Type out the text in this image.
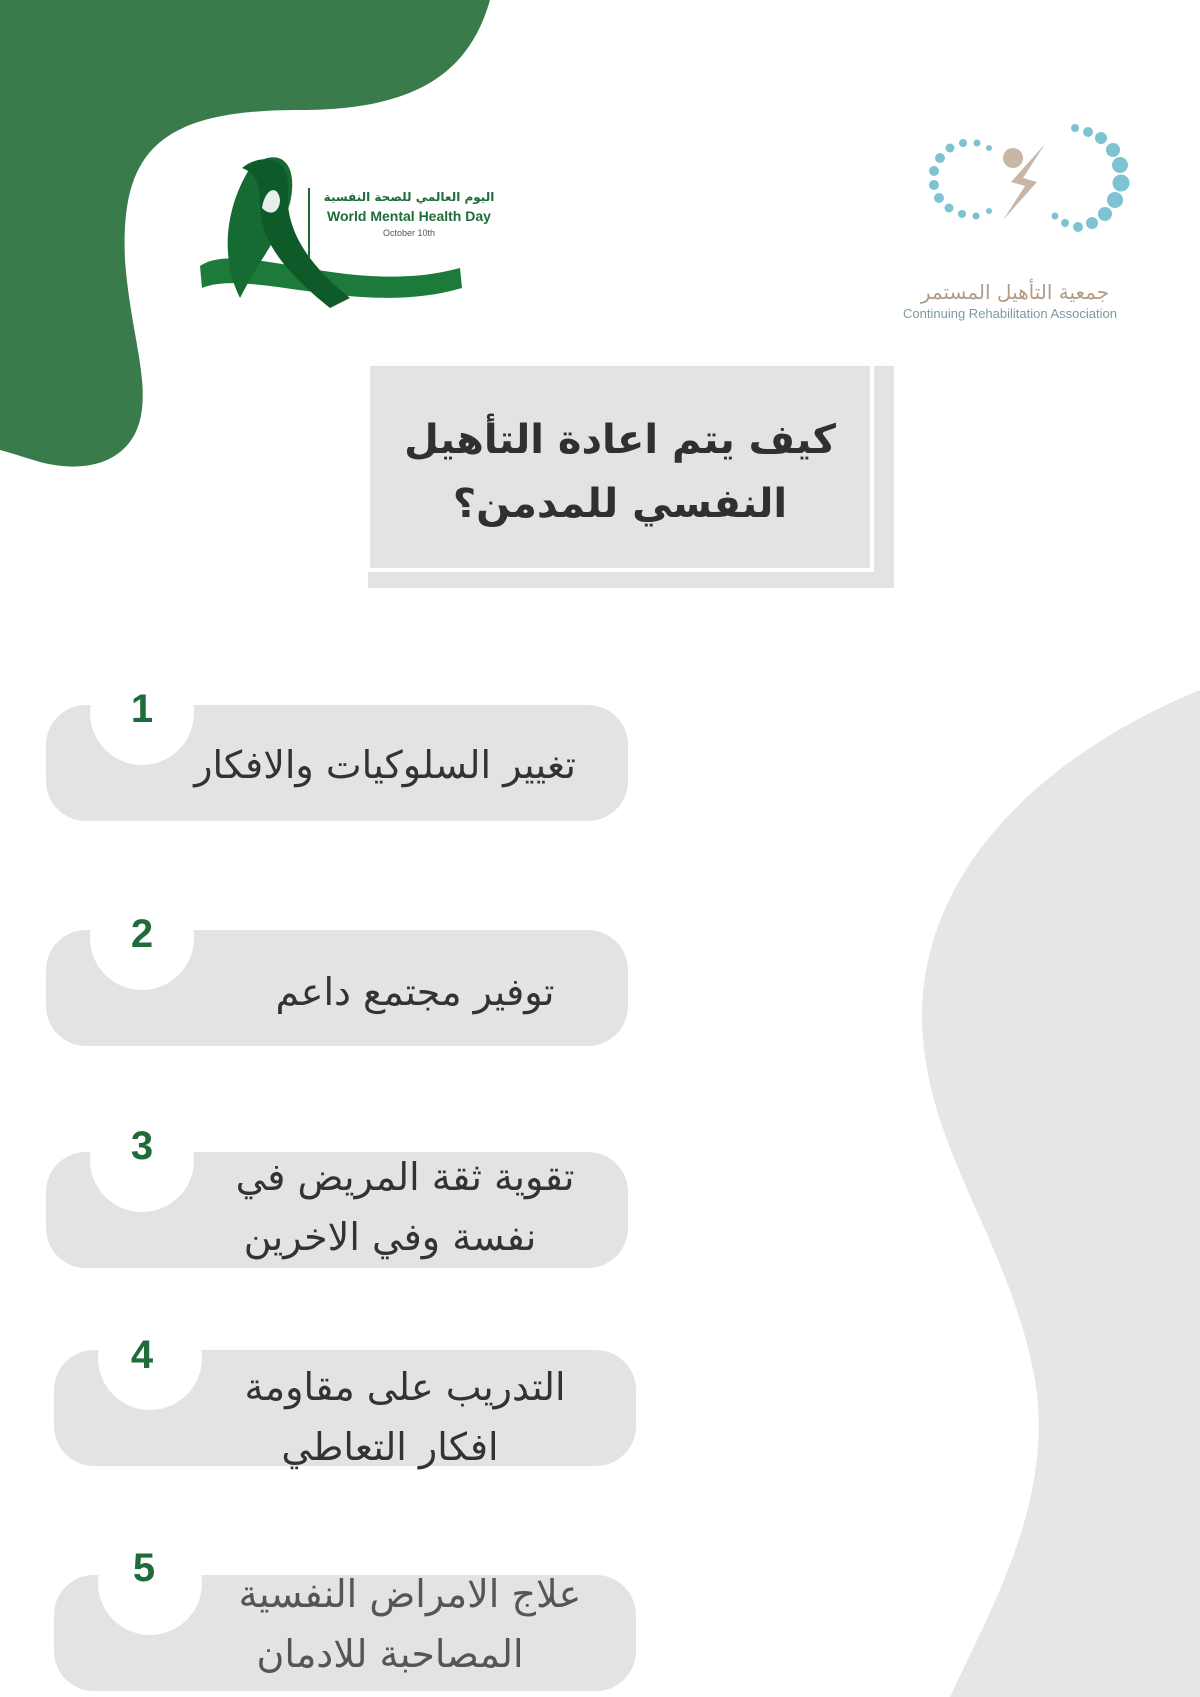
اليوم العالمي للصحة النفسية
World Mental Health Day
October 10th
جمعية التأهيل المستمر
Continuing Rehabilitation Association
كيف يتم اعادة التأهيل
النفسي للمدمن؟
1
تغيير السلوكيات والافكار
2
توفير مجتمع داعم
3
تقوية ثقة المريض في
نفسة وفي الاخرين
4
التدريب على مقاومة
افكار التعاطي
5
علاج الامراض النفسية
المصاحبة للادمان
